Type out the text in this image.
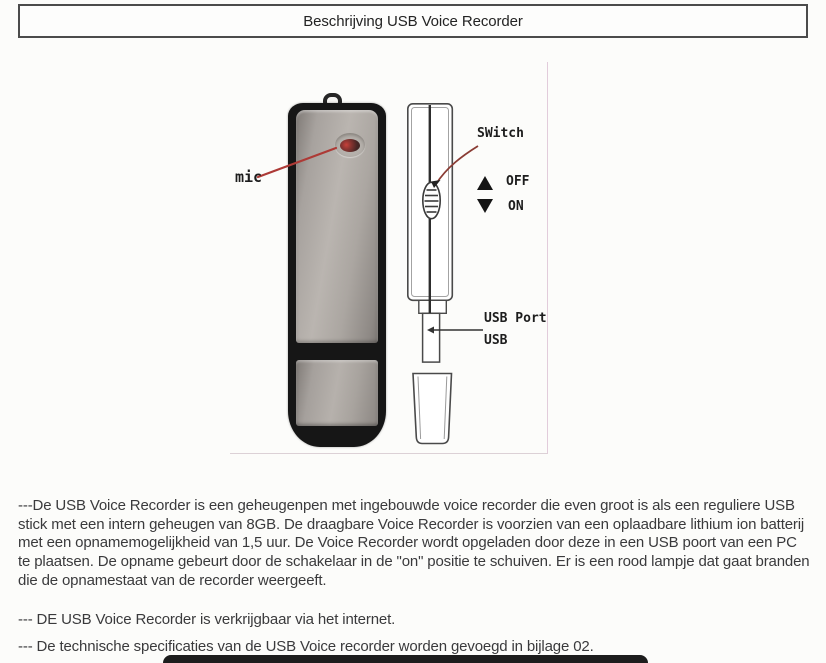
Beschrijving USB Voice Recorder
mic
SWitch
OFF
ON
USB Port
USB

---De USB Voice Recorder is een geheugenpen met ingebouwde voice recorder die even groot is als een reguliere USB stick met een intern geheugen van 8GB. De draagbare Voice Recorder is voorzien van een oplaadbare lithium ion batterij met een opnamemogelijkheid van 1,5 uur. De Voice Recorder wordt opgeladen door deze in een USB poort van een PC te plaatsen. De opname gebeurt door de schakelaar in de "on" positie te schuiven. Er is een rood lampje dat gaat branden die de opnamestaat van de recorder weergeeft.

--- DE USB Voice Recorder is verkrijgbaar via het internet.

--- De technische specificaties van de USB Voice recorder worden gevoegd in bijlage 02.
